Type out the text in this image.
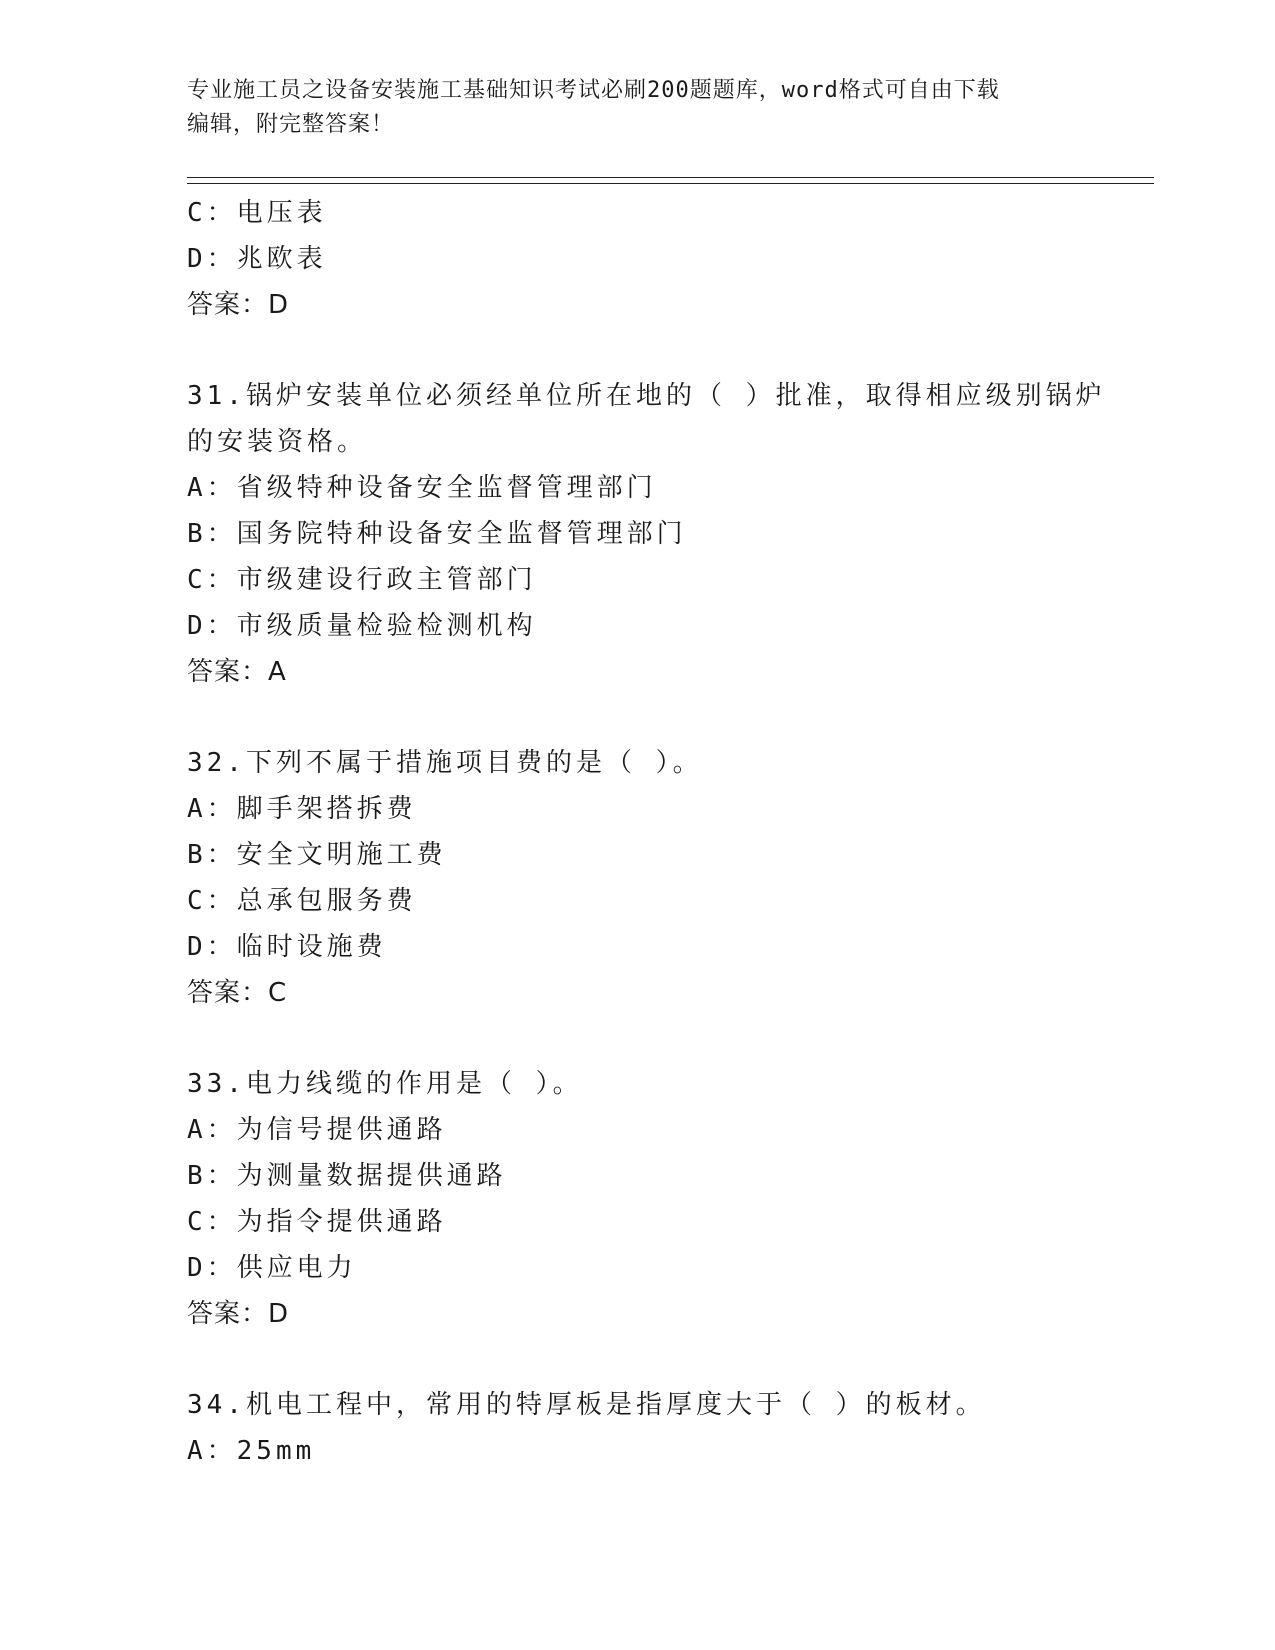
专业施工员之设备安装施工基础知识考试必刷200题题库，word格式可自由下载
编辑，附完整答案！
C：电压表
D：兆欧表
答案：D
31.锅炉安装单位必须经单位所在地的（ ）批准，取得相应级别锅炉
的安装资格。
A：省级特种设备安全监督管理部门
B：国务院特种设备安全监督管理部门
C：市级建设行政主管部门
D：市级质量检验检测机构
答案：A
32.下列不属于措施项目费的是（ ）。
A：脚手架搭拆费
B：安全文明施工费
C：总承包服务费
D：临时设施费
答案：C
33.电力线缆的作用是（ ）。
A：为信号提供通路
B：为测量数据提供通路
C：为指令提供通路
D：供应电力
答案：D
34.机电工程中，常用的特厚板是指厚度大于（ ）的板材。
A：25mm
